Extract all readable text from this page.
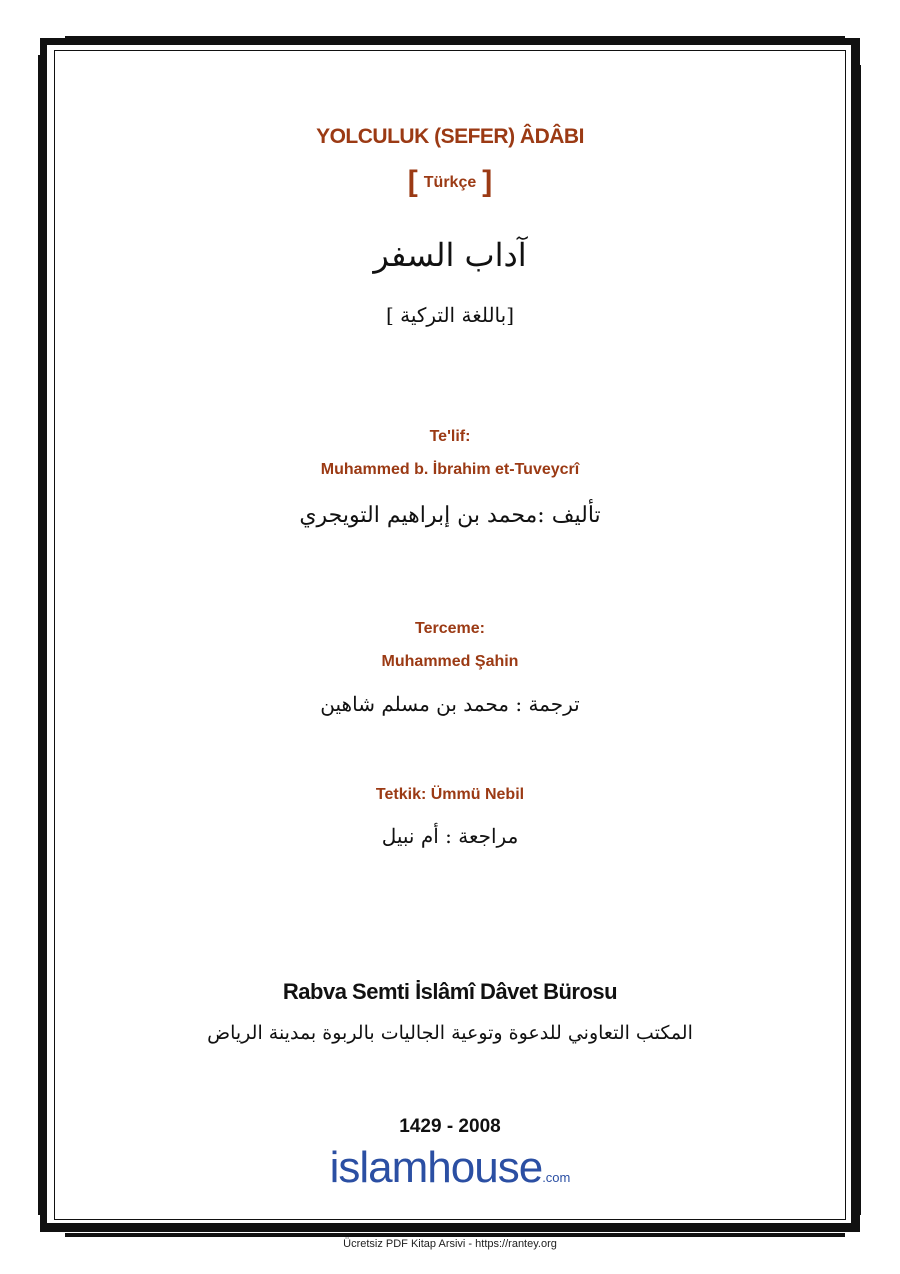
YOLCULUK (SEFER) ÂDÂBI
[ Türkçe ]
آداب السفر
[باللغة التركية ]
Te'lif:
Muhammed b. İbrahim et-Tuveycrî
تأليف :محمد بن إبراهيم التويجري
Terceme:
Muhammed Şahin
ترجمة : محمد بن مسلم شاهين
Tetkik: Ümmü Nebil
مراجعة : أم نبيل
Rabva Semti İslâmî Dâvet Bürosu
المكتب التعاوني للدعوة وتوعية الجاليات بالربوة بمدينة الرياض
1429 - 2008
islamhouse.com
Ücretsiz PDF Kitap Arsivi - https://rantey.org
